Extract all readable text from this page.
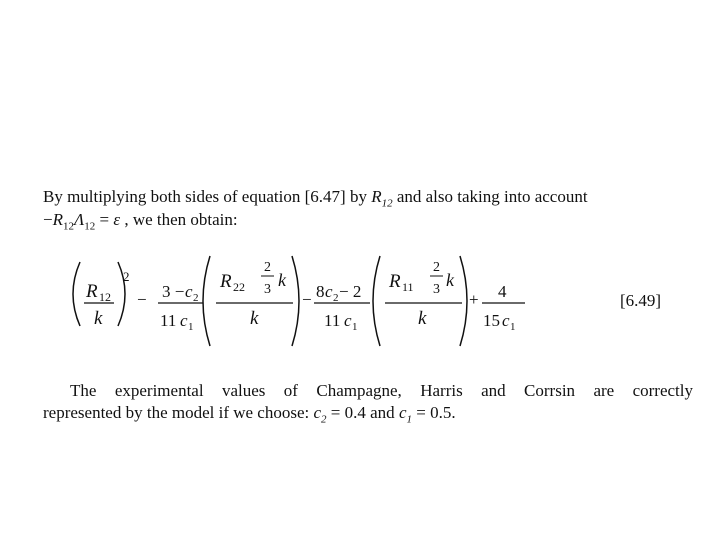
By multiplying both sides of equation [6.47] by $R_{12}$ and also taking into account
$-R_{12}\Lambda_{12} = \varepsilon$ , we then obtain:
R 12
k
2
− 3 − c 2
11 c 1
R 22
2
3 k
k
− 8 c 2 − 2
11 c 1
R 11
2
3 k
k
+ 4
15 c 1
[6.49]
The experimental values of Champagne, Harris and Corrsin are correctly
represented by the model if we choose: $c_2 = 0.4$ and $c_1 = 0.5$.
